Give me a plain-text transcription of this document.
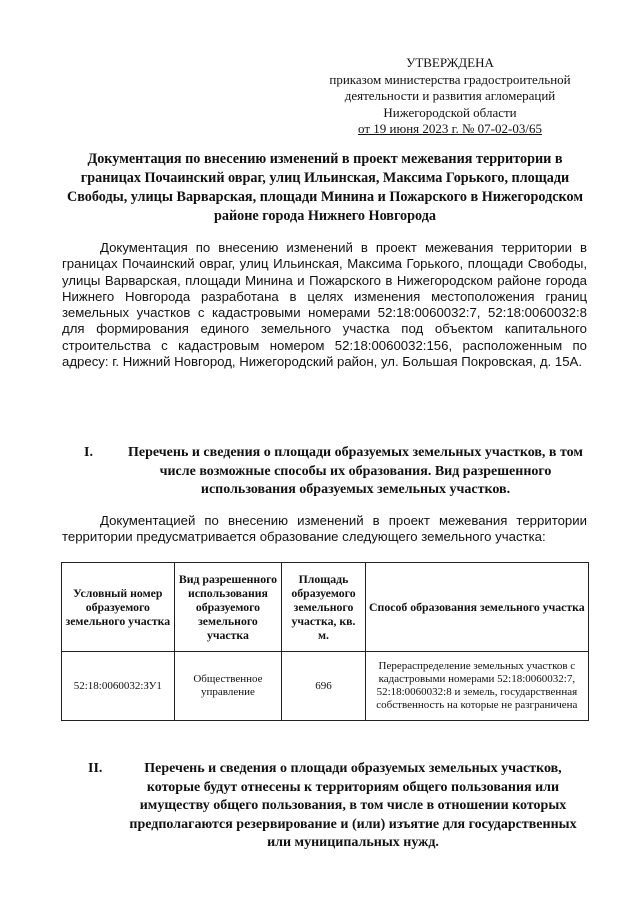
УТВЕРЖДЕНА
приказом министерства градостроительной
деятельности и развития агломераций
Нижегородской области
от 19 июня 2023 г. № 07-02-03/65
Документация по внесению изменений в проект межевания территории в границах Почаинский овраг, улиц Ильинская, Максима Горького, площади Свободы, улицы Варварская, площади Минина и Пожарского в Нижегородском районе города Нижнего Новгорода
Документация по внесению изменений в проект межевания территории в границах Почаинский овраг, улиц Ильинская, Максима Горького, площади Свободы, улицы Варварская, площади Минина и Пожарского в Нижегородском районе города Нижнего Новгорода разработана в целях изменения местоположения границ земельных участков с кадастровыми номерами 52:18:0060032:7, 52:18:0060032:8 для формирования единого земельного участка под объектом капитального строительства с кадастровым номером 52:18:0060032:156, расположенным по адресу: г. Нижний Новгород, Нижегородский район, ул. Большая Покровская, д. 15А.
I.	Перечень и сведения о площади образуемых земельных участков, в том числе возможные способы их образования. Вид разрешенного использования образуемых земельных участков.
Документацией по внесению изменений в проект межевания территории территории предусматривается образование следующего земельного участка:
Условный номер образуемого земельного участка	Вид разрешенного использования образуемого земельного участка	Площадь образуемого земельного участка, кв. м.	Способ образования земельного участка
52:18:0060032:ЗУ1	Общественное управление	696	Перераспределение земельных участков с кадастровыми номерами 52:18:0060032:7, 52:18:0060032:8 и земель, государственная собственность на которые не разграничена
II.	Перечень и сведения о площади образуемых земельных участков, которые будут отнесены к территориям общего пользования или имуществу общего пользования, в том числе в отношении которых предполагаются резервирование и (или) изъятие для государственных или муниципальных нужд.
